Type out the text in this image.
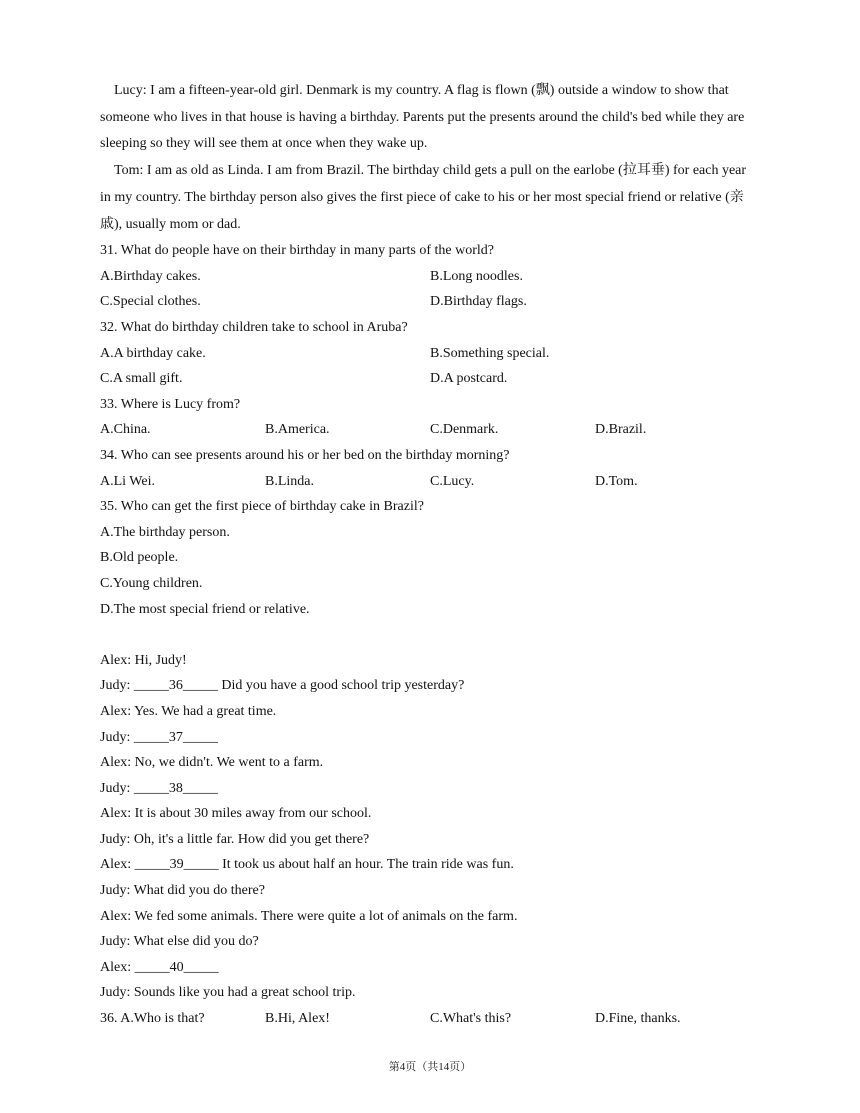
Lucy: I am a fifteen-year-old girl. Denmark is my country. A flag is flown (飘) outside a window to show that someone who lives in that house is having a birthday. Parents put the presents around the child's bed while they are sleeping so they will see them at once when they wake up.

Tom: I am as old as Linda. I am from Brazil. The birthday child gets a pull on the earlobe (拉耳垂) for each year in my country. The birthday person also gives the first piece of cake to his or her most special friend or relative (亲戚), usually mom or dad.

31. What do people have on their birthday in many parts of the world?
A.Birthday cakes.	B.Long noodles.
C.Special clothes.	D.Birthday flags.
32. What do birthday children take to school in Aruba?
A.A birthday cake.	B.Something special.
C.A small gift.	D.A postcard.
33. Where is Lucy from?
A.China.	B.America.	C.Denmark.	D.Brazil.
34. Who can see presents around his or her bed on the birthday morning?
A.Li Wei.	B.Linda.	C.Lucy.	D.Tom.
35. Who can get the first piece of birthday cake in Brazil?
A.The birthday person.
B.Old people.
C.Young children.
D.The most special friend or relative.
Alex: Hi, Judy!
Judy: _____36_____ Did you have a good school trip yesterday?
Alex: Yes. We had a great time.
Judy: _____37_____
Alex: No, we didn't. We went to a farm.
Judy: _____38_____
Alex: It is about 30 miles away from our school.
Judy: Oh, it's a little far. How did you get there?
Alex: _____39_____ It took us about half an hour. The train ride was fun.
Judy: What did you do there?
Alex: We fed some animals. There were quite a lot of animals on the farm.
Judy: What else did you do?
Alex: _____40_____
Judy: Sounds like you had a great school trip.
36. A.Who is that?	B.Hi, Alex!	C.What's this?	D.Fine, thanks.
第4页（共14页）
